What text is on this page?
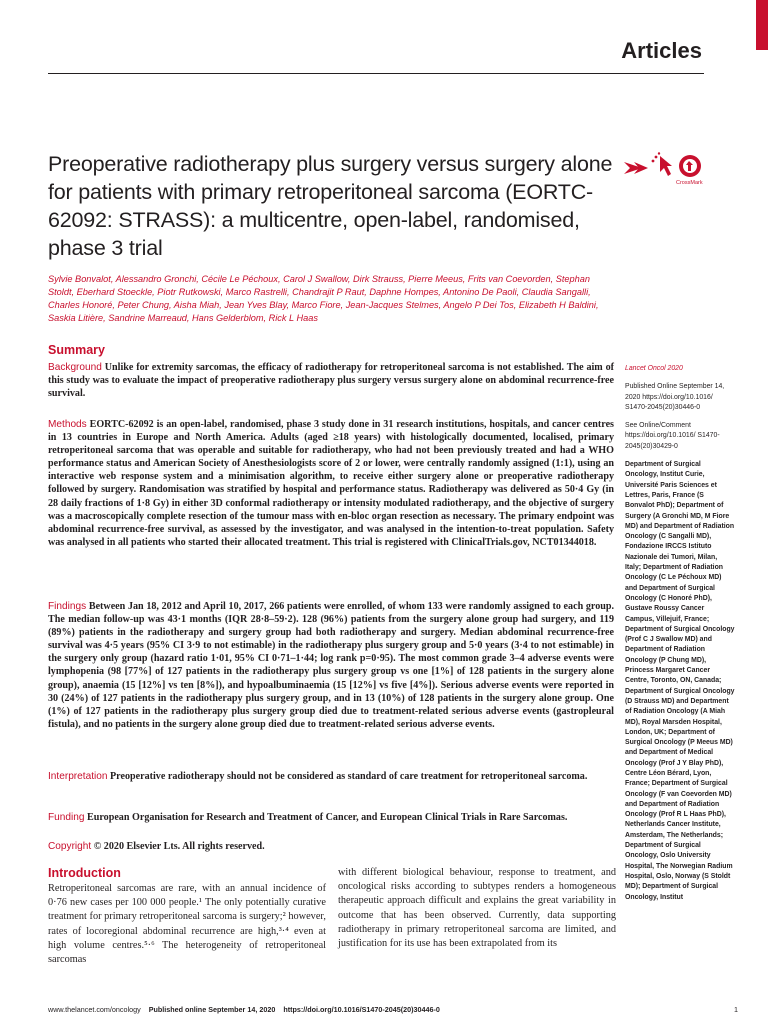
Articles
Preoperative radiotherapy plus surgery versus surgery alone for patients with primary retroperitoneal sarcoma (EORTC-62092: STRASS): a multicentre, open-label, randomised, phase 3 trial
CrossMark

Sylvie Bonvalot, Alessandro Gronchi, Cécile Le Péchoux, Carol J Swallow, Dirk Strauss, Pierre Meeus, Frits van Coevorden, Stephan Stoldt, Eberhard Stoeckle, Piotr Rutkowski, Marco Rastrelli, Chandrajit P Raut, Daphne Hompes, Antonino De Paoli, Claudia Sangalli, Charles Honoré, Peter Chung, Aisha Miah, Jean Yves Blay, Marco Fiore, Jean-Jacques Stelmes, Angelo P Dei Tos, Elizabeth H Baldini, Saskia Litière, Sandrine Marreaud, Hans Gelderblom, Rick L Haas

Summary

Background Unlike for extremity sarcomas, the efficacy of radiotherapy for retroperitoneal sarcoma is not established. The aim of this study was to evaluate the impact of preoperative radiotherapy plus surgery versus surgery alone on abdominal recurrence-free survival.

Methods EORTC-62092 is an open-label, randomised, phase 3 study done in 31 research institutions, hospitals, and cancer centres in 13 countries in Europe and North America. Adults (aged ≥18 years) with histologically documented, localised, primary retroperitoneal sarcoma that was operable and suitable for radiotherapy, who had not been previously treated and had a WHO performance status and American Society of Anesthesiologists score of 2 or lower, were centrally randomly assigned (1:1), using an interactive web response system and a minimisation algorithm, to receive either surgery alone or preoperative radiotherapy followed by surgery. Randomisation was stratified by hospital and performance status. Radiotherapy was delivered as 50·4 Gy (in 28 daily fractions of 1·8 Gy) in either 3D conformal radiotherapy or intensity modulated radiotherapy, and the objective of surgery was a macroscopically complete resection of the tumour mass with en-bloc organ resection as necessary. The primary endpoint was abdominal recurrence-free survival, as assessed by the investigator, and was analysed in the intention-to-treat population. Safety was analysed in all patients who started their allocated treatment. This trial is registered with ClinicalTrials.gov, NCT01344018.

Findings Between Jan 18, 2012 and April 10, 2017, 266 patients were enrolled, of whom 133 were randomly assigned to each group. The median follow-up was 43·1 months (IQR 28·8–59·2). 128 (96%) patients from the surgery alone group had surgery, and 119 (89%) patients in the radiotherapy and surgery group had both radiotherapy and surgery. Median abdominal recurrence-free survival was 4·5 years (95% CI 3·9 to not estimable) in the radiotherapy plus surgery group and 5·0 years (3·4 to not estimable) in the surgery only group (hazard ratio 1·01, 95% CI 0·71–1·44; log rank p=0·95). The most common grade 3–4 adverse events were lymphopenia (98 [77%] of 127 patients in the radiotherapy plus surgery group vs one [1%] of 128 patients in the surgery alone group), anaemia (15 [12%] vs ten [8%]), and hypoalbuminaemia (15 [12%] vs five [4%]). Serious adverse events were reported in 30 (24%) of 127 patients in the radiotherapy plus surgery group, and in 13 (10%) of 128 patients in the surgery alone group. One (1%) of 127 patients in the radiotherapy plus surgery group died due to treatment-related serious adverse events (gastropleural fistula), and no patients in the surgery alone group died due to treatment-related serious adverse events.

Interpretation Preoperative radiotherapy should not be considered as standard of care treatment for retroperitoneal sarcoma.

Funding European Organisation for Research and Treatment of Cancer, and European Clinical Trials in Rare Sarcomas.

Copyright © 2020 Elsevier Lts. All rights reserved.

Introduction

Retroperitoneal sarcomas are rare, with an annual incidence of 0·76 new cases per 100 000 people.¹ The only potentially curative treatment for primary retroperitoneal sarcoma is surgery;² however, rates of locoregional abdominal recurrence are high,³·⁴ even at high volume centres.⁵·⁶ The heterogeneity of retroperitoneal sarcomas

with different biological behaviour, response to treatment, and oncological risks according to subtypes renders a homogeneous therapeutic approach difficult and explains the great variability in outcome that has been observed. Currently, data supporting radiotherapy in primary retroperitoneal sarcoma are limited, and justification for its use has been extrapolated from its

Lancet Oncol 2020

Published Online September 14, 2020 https://doi.org/10.1016/ S1470-2045(20)30446-0

See Online/Comment https://doi.org/10.1016/ S1470-2045(20)30429-0

Department of Surgical Oncology, Institut Curie, Université Paris Sciences et Lettres, Paris, France (S Bonvalot PhD); Department of Surgery (A Gronchi MD, M Fiore MD) and Department of Radiation Oncology (C Sangalli MD), Fondazione IRCCS Istituto Nazionale dei Tumori, Milan, Italy; Department of Radiation Oncology (C Le Péchoux MD) and Department of Surgical Oncology (C Honoré PhD), Gustave Roussy Cancer Campus, Villejuif, France; Department of Surgical Oncology (Prof C J Swallow MD) and Department of Radiation Oncology (P Chung MD), Princess Margaret Cancer Centre, Toronto, ON, Canada; Department of Surgical Oncology (D Strauss MD) and Department of Radiation Oncology (A Miah MD), Royal Marsden Hospital, London, UK; Department of Surgical Oncology (P Meeus MD) and Department of Medical Oncology (Prof J Y Blay PhD), Centre Léon Bérard, Lyon, France; Department of Surgical Oncology (F van Coevorden MD) and Department of Radiation Oncology (Prof R L Haas PhD), Netherlands Cancer Institute, Amsterdam, The Netherlands; Department of Surgical Oncology, Oslo University Hospital, The Norwegian Radium Hospital, Oslo, Norway (S Stoldt MD); Department of Surgical Oncology, Institut

www.thelancet.com/oncology Published online September 14, 2020 https://doi.org/10.1016/S1470-2045(20)30446-0	1
